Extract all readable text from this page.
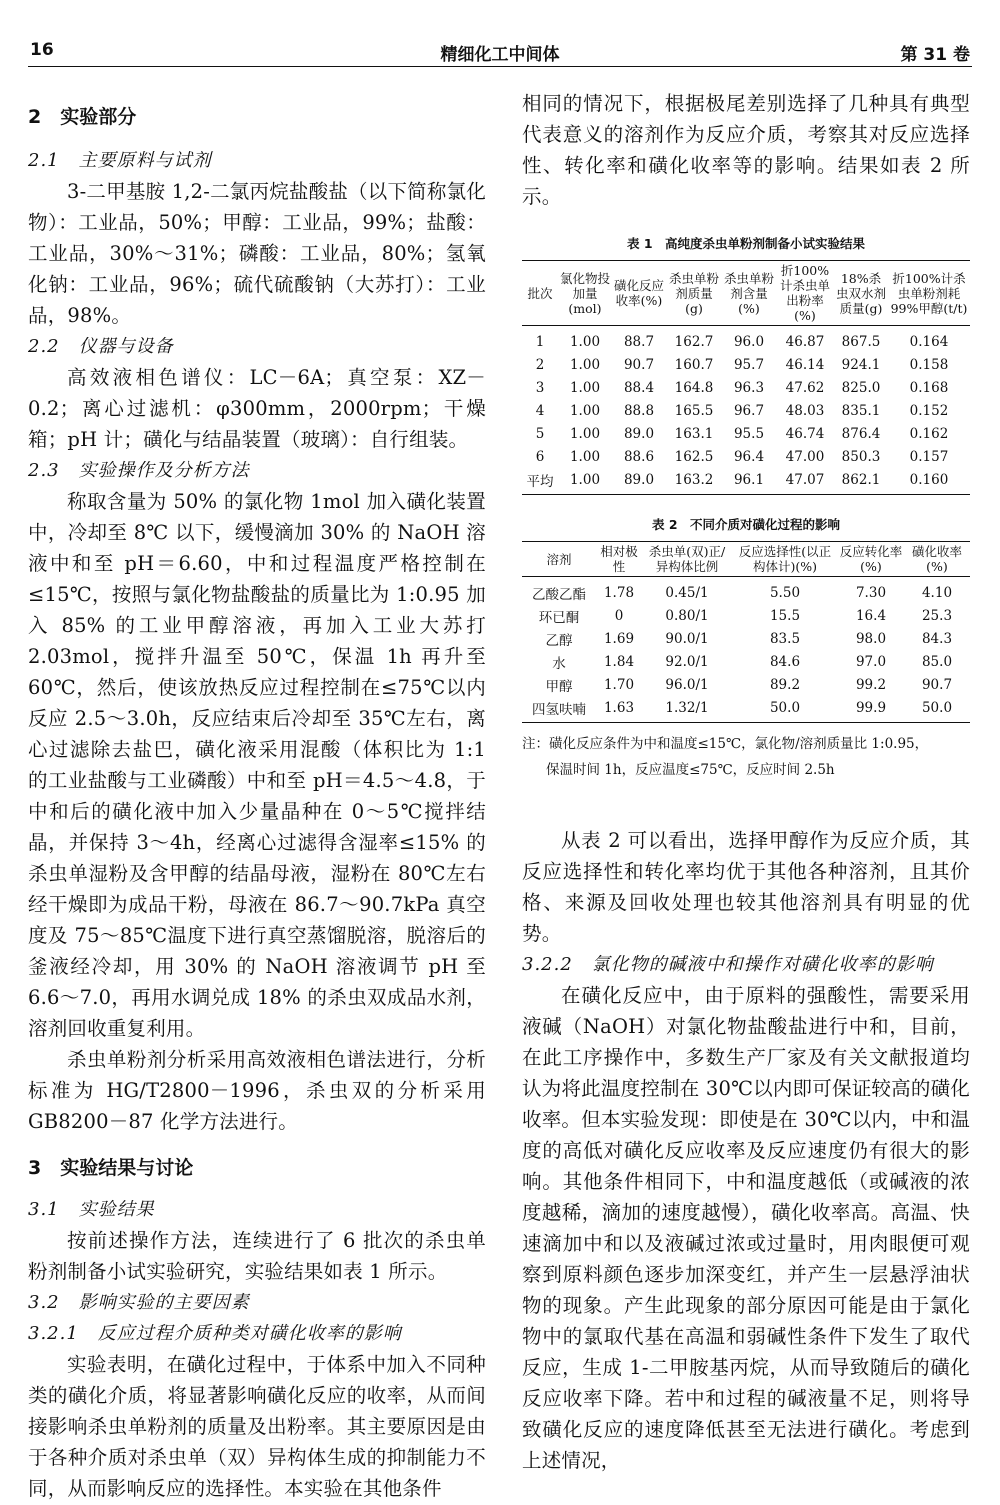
16	精细化工中间体	第 31 卷

2　实验部分

2.1　主要原料与试剂

3-二甲基胺 1,2-二氯丙烷盐酸盐（以下简称氯化物）：工业品，50%；甲醇：工业品，99%；盐酸：工业品，30%～31%；磷酸：工业品，80%；氢氧化钠：工业品，96%；硫代硫酸钠（大苏打）：工业品，98%。

2.2　仪器与设备

高效液相色谱仪：LC－6A；真空泵：XZ－0.2；离心过滤机：φ300mm，2000rpm；干燥箱；pH 计；磺化与结晶装置（玻璃）：自行组装。

2.3　实验操作及分析方法

称取含量为 50% 的氯化物 1mol 加入磺化装置中，冷却至 8℃ 以下，缓慢滴加 30% 的 NaOH 溶液中和至 pH＝6.60，中和过程温度严格控制在≤15℃，按照与氯化物盐酸盐的质量比为 1:0.95 加入 85% 的工业甲醇溶液，再加入工业大苏打 2.03mol，搅拌升温至 50℃，保温 1h 再升至 60℃，然后，使该放热反应过程控制在≤75℃以内反应 2.5～3.0h，反应结束后冷却至 35℃左右，离心过滤除去盐巴，磺化液采用混酸（体积比为 1:1 的工业盐酸与工业磷酸）中和至 pH＝4.5～4.8，于中和后的磺化液中加入少量晶种在 0～5℃搅拌结晶，并保持 3～4h，经离心过滤得含湿率≤15% 的杀虫单湿粉及含甲醇的结晶母液，湿粉在 80℃左右经干燥即为成品干粉，母液在 86.7～90.7kPa 真空度及 75～85℃温度下进行真空蒸馏脱溶，脱溶后的釜液经冷却，用 30% 的 NaOH 溶液调节 pH 至 6.6～7.0，再用水调兑成 18% 的杀虫双成品水剂，溶剂回收重复利用。

杀虫单粉剂分析采用高效液相色谱法进行，分析标准为 HG/T2800－1996，杀虫双的分析采用 GB8200－87 化学方法进行。

3　实验结果与讨论

3.1　实验结果

按前述操作方法，连续进行了 6 批次的杀虫单粉剂制备小试实验研究，实验结果如表 1 所示。

3.2　影响实验的主要因素

3.2.1　反应过程介质种类对磺化收率的影响

实验表明，在磺化过程中，于体系中加入不同种类的磺化介质，将显著影响磺化反应的收率，从而间接影响杀虫单粉剂的质量及出粉率。其主要原因是由于各种介质对杀虫单（双）异构体生成的抑制能力不同，从而影响反应的选择性。本实验在其他条件

相同的情况下，根据极尾差别选择了几种具有典型代表意义的溶剂作为反应介质，考察其对反应选择性、转化率和磺化收率等的影响。结果如表 2 所示。

表 1　高纯度杀虫单粉剂制备小试实验结果

批次	氯化物投加量(mol)	磺化反应收率(%)	杀虫单粉剂质量(g)	杀虫单粉剂含量(%)	折100%计杀虫单出粉率(%)	18%杀虫双水剂质量(g)	折100%计杀虫单粉剂耗99%甲醇(t/t)
1	1.00	88.7	162.7	96.0	46.87	867.5	0.164
2	1.00	90.7	160.7	95.7	46.14	924.1	0.158
3	1.00	88.4	164.8	96.3	47.62	825.0	0.168
4	1.00	88.8	165.5	96.7	48.03	835.1	0.152
5	1.00	89.0	163.1	95.5	46.74	876.4	0.162
6	1.00	88.6	162.5	96.4	47.00	850.3	0.157
平均	1.00	89.0	163.2	96.1	47.07	862.1	0.160

表 2　不同介质对磺化过程的影响

溶剂	相对极性	杀虫单(双)正/异构体比例	反应选择性(以正构体计)(%)	反应转化率(%)	磺化收率(%)
乙酸乙酯	1.78	0.45/1	5.50	7.30	4.10
环已酮	0	0.80/1	15.5	16.4	25.3
乙醇	1.69	90.0/1	83.5	98.0	84.3
水	1.84	92.0/1	84.6	97.0	85.0
甲醇	1.70	96.0/1	89.2	99.2	90.7
四氢呋喃	1.63	1.32/1	50.0	99.9	50.0

注：磺化反应条件为中和温度≤15℃，氯化物/溶剂质量比 1:0.95，
保温时间 1h，反应温度≤75℃，反应时间 2.5h

从表 2 可以看出，选择甲醇作为反应介质，其反应选择性和转化率均优于其他各种溶剂，且其价格、来源及回收处理也较其他溶剂具有明显的优势。

3.2.2　氯化物的碱液中和操作对磺化收率的影响

在磺化反应中，由于原料的强酸性，需要采用液碱（NaOH）对氯化物盐酸盐进行中和，目前，在此工序操作中，多数生产厂家及有关文献报道均认为将此温度控制在 30℃以内即可保证较高的磺化收率。但本实验发现：即使是在 30℃以内，中和温度的高低对磺化反应收率及反应速度仍有很大的影响。其他条件相同下，中和温度越低（或碱液的浓度越稀，滴加的速度越慢），磺化收率高。高温、快速滴加中和以及液碱过浓或过量时，用肉眼便可观察到原料颜色逐步加深变红，并产生一层悬浮油状物的现象。产生此现象的部分原因可能是由于氯化物中的氯取代基在高温和弱碱性条件下发生了取代反应，生成 1-二甲胺基丙烷，从而导致随后的磺化反应收率下降。若中和过程的碱液量不足，则将导致磺化反应的速度降低甚至无法进行磺化。考虑到上述情况，
